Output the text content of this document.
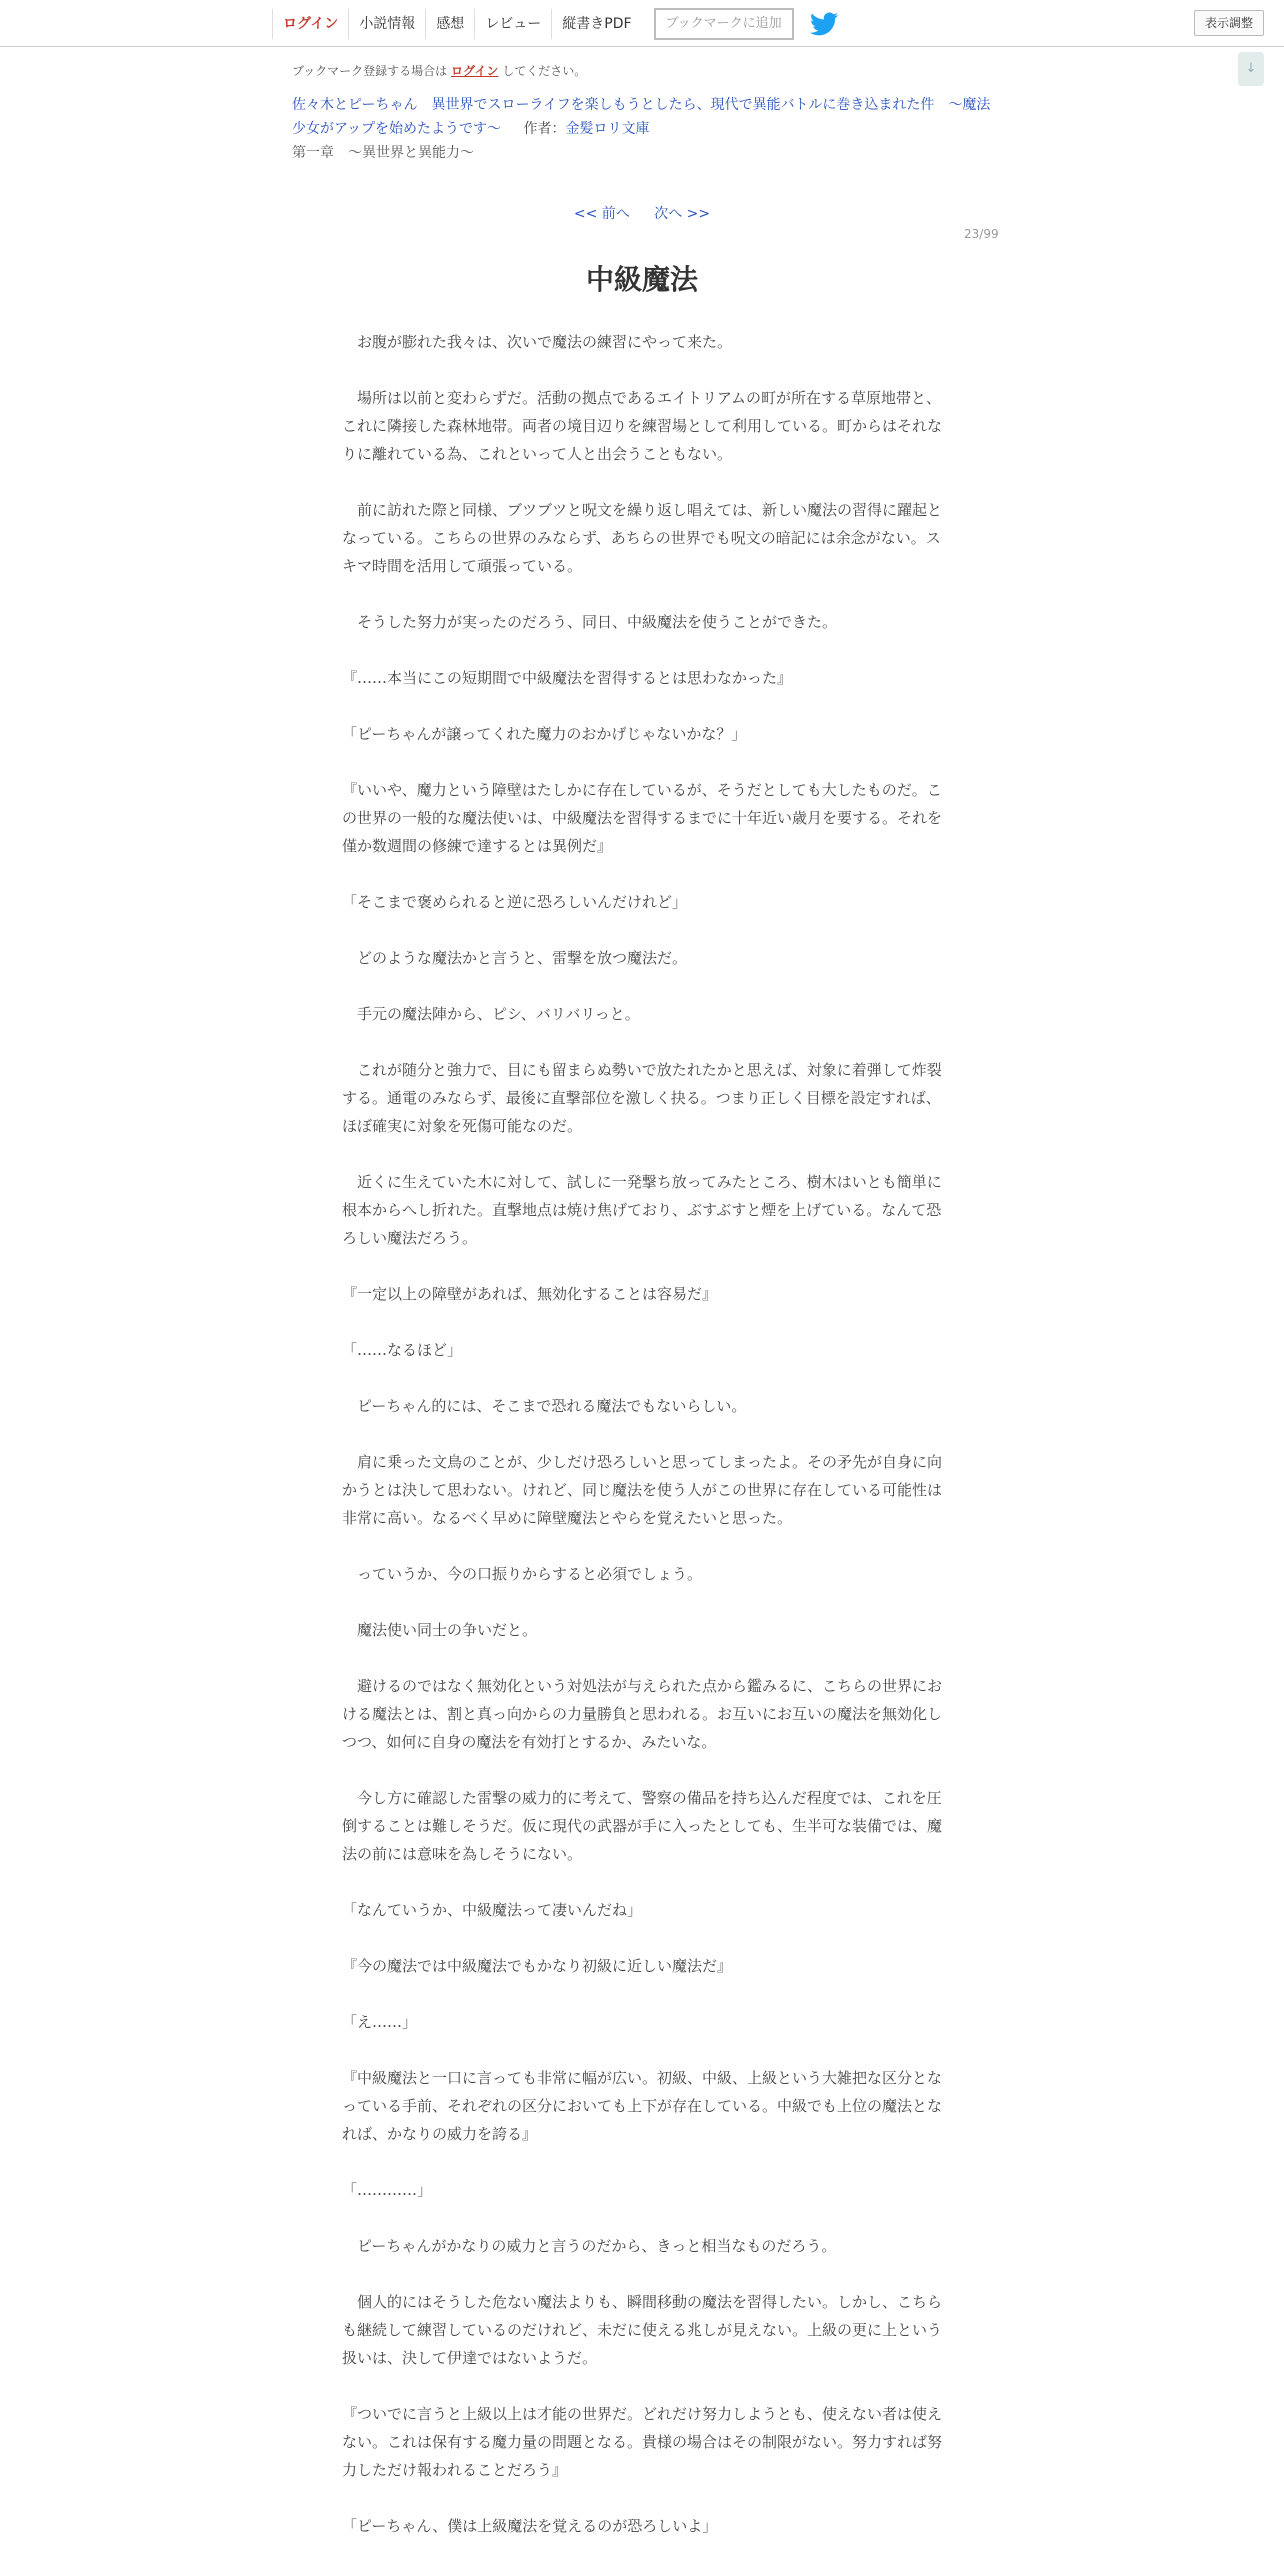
ログイン	小説情報	感想	レビュー	縦書きPDF	ブックマークに追加	表示調整
↓
ブックマーク登録する場合は ログイン してください。
佐々木とピーちゃん　異世界でスローライフを楽しもうとしたら、現代で異能バトルに巻き込まれた件　～魔法少女がアップを始めたようです～ 作者：金髪ロリ文庫
第一章　～異世界と異能力～
<< 前へ 次へ >>
23/99
中級魔法

　お腹が膨れた我々は、次いで魔法の練習にやって来た。

　場所は以前と変わらずだ。活動の拠点であるエイトリアムの町が所在する草原地帯と、これに隣接した森林地帯。両者の境目辺りを練習場として利用している。町からはそれなりに離れている為、これといって人と出会うこともない。

　前に訪れた際と同様、ブツブツと呪文を繰り返し唱えては、新しい魔法の習得に躍起となっている。こちらの世界のみならず、あちらの世界でも呪文の暗記には余念がない。スキマ時間を活用して頑張っている。

　そうした努力が実ったのだろう、同日、中級魔法を使うことができた。

『……本当にこの短期間で中級魔法を習得するとは思わなかった』

「ピーちゃんが譲ってくれた魔力のおかげじゃないかな？」

『いいや、魔力という障壁はたしかに存在しているが、そうだとしても大したものだ。この世界の一般的な魔法使いは、中級魔法を習得するまでに十年近い歳月を要する。それを僅か数週間の修練で達するとは異例だ』

「そこまで褒められると逆に恐ろしいんだけれど」

　どのような魔法かと言うと、雷撃を放つ魔法だ。

　手元の魔法陣から、ピシ、バリバリっと。

　これが随分と強力で、目にも留まらぬ勢いで放たれたかと思えば、対象に着弾して炸裂する。通電のみならず、最後に直撃部位を激しく抉る。つまり正しく目標を設定すれば、ほぼ確実に対象を死傷可能なのだ。

　近くに生えていた木に対して、試しに一発撃ち放ってみたところ、樹木はいとも簡単に根本からへし折れた。直撃地点は焼け焦げており、ぶすぶすと煙を上げている。なんて恐ろしい魔法だろう。

『一定以上の障壁があれば、無効化することは容易だ』

「……なるほど」

　ピーちゃん的には、そこまで恐れる魔法でもないらしい。

　肩に乗った文鳥のことが、少しだけ恐ろしいと思ってしまったよ。その矛先が自身に向かうとは決して思わない。けれど、同じ魔法を使う人がこの世界に存在している可能性は非常に高い。なるべく早めに障壁魔法とやらを覚えたいと思った。

　っていうか、今の口振りからすると必須でしょう。

　魔法使い同士の争いだと。

　避けるのではなく無効化という対処法が与えられた点から鑑みるに、こちらの世界における魔法とは、割と真っ向からの力量勝負と思われる。お互いにお互いの魔法を無効化しつつ、如何に自身の魔法を有効打とするか、みたいな。

　今し方に確認した雷撃の威力的に考えて、警察の備品を持ち込んだ程度では、これを圧倒することは難しそうだ。仮に現代の武器が手に入ったとしても、生半可な装備では、魔法の前には意味を為しそうにない。

「なんていうか、中級魔法って凄いんだね」

『今の魔法では中級魔法でもかなり初級に近しい魔法だ』

「え……」

『中級魔法と一口に言っても非常に幅が広い。初級、中級、上級という大雑把な区分となっている手前、それぞれの区分においても上下が存在している。中級でも上位の魔法となれば、かなりの威力を誇る』

「…………」

　ピーちゃんがかなりの威力と言うのだから、きっと相当なものだろう。

　個人的にはそうした危ない魔法よりも、瞬間移動の魔法を習得したい。しかし、こちらも継続して練習しているのだけれど、未だに使える兆しが見えない。上級の更に上という扱いは、決して伊達ではないようだ。

『ついでに言うと上級以上は才能の世界だ。どれだけ努力しようとも、使えない者は使えない。これは保有する魔力量の問題となる。貴様の場合はその制限がない。努力すれば努力しただけ報われることだろう』

「ピーちゃん、僕は上級魔法を覚えるのが恐ろしいよ」
